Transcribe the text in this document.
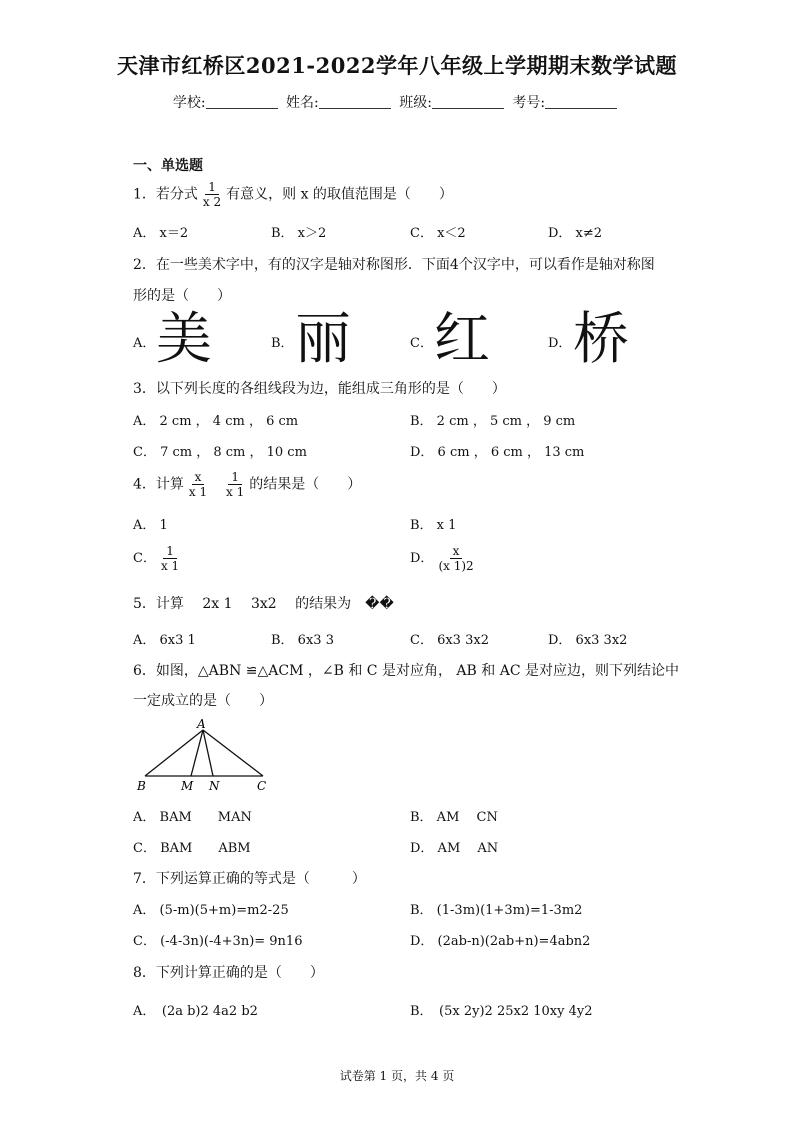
天津市红桥区2021-2022学年八年级上学期期末数学试题
学校:	姓名:	班级:	考号:
一、单选题
1．若分式 $\frac{1}{x 2}$ 有意义，则 x 的取值范围是（　　）
A． x＝2	B． x＞2	C． x＜2	D． x≠2
2．在一些美术字中，有的汉字是轴对称图形．下面4个汉字中，可以看作是轴对称图
形的是（　　）
A． 美	B． 丽	C． 红	D． 桥
3．以下列长度的各组线段为边，能组成三角形的是（　　）
A． 2 cm ， 4 cm ， 6 cm	B． 2 cm ， 5 cm ， 9 cm
C． 7 cm ， 8 cm ， 10 cm	D． 6 cm ， 6 cm ， 13 cm
4．计算 $\frac{x}{x 1}$
$\frac{1}{x 1}$ 的结果是（　　）
A． 1	B． x 1
C． $\frac{1}{x 1}$	D． $\frac{x}{(x 1)2}$
5．计算　 2x 1　 3x2　 的结果为　��
A． 6x3 1	B． 6x3 3	C． 6x3 3x2	D． 6x3 3x2
6．如图，△ABN ≌△ACM ，∠B 和 C 是对应角， AB 和 AC 是对应边，则下列结论中
一定成立的是（　　）
A
B	M N	C
A． BAM　　MAN	B． AM　 CN
C． BAM　　ABM	D． AM　 AN
7．下列运算正确的等式是（　　　）
A． (5-m)(5+m)=m2-25	B． (1-3m)(1+3m)=1-3m2
C． (-4-3n)(-4+3n)= 9n16	D． (2ab-n)(2ab+n)=4abn2
8．下列计算正确的是（　　）
A．　(2a b)2 4a2 b2	B．　(5x 2y)2 25x2 10xy 4y2
试卷第 1 页，共 4 页
